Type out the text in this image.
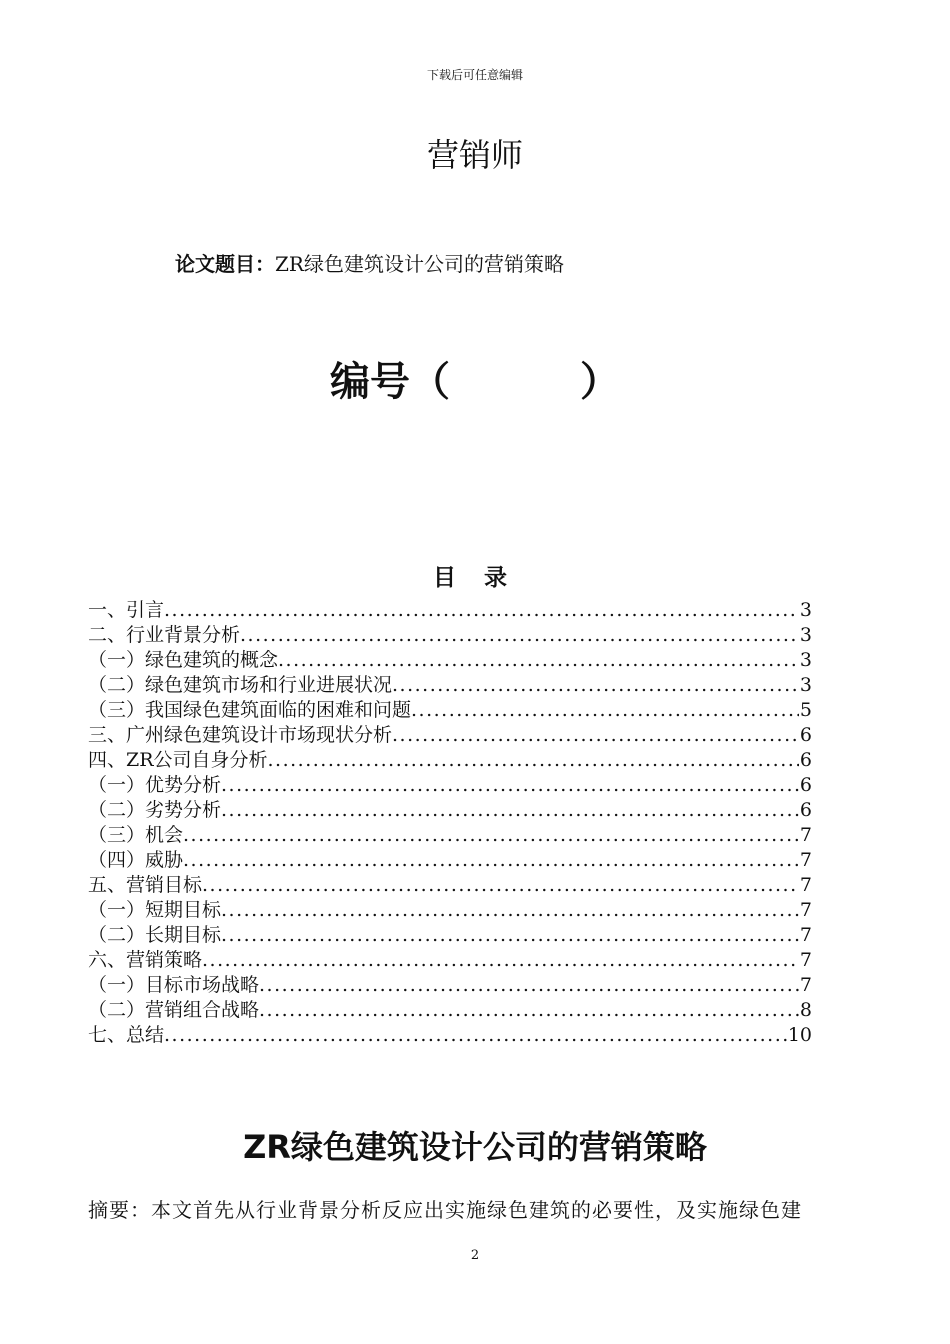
下载后可任意编辑
营销师
论文题目：ZR绿色建筑设计公司的营销策略
编号（	）
目 录
一、引言 .....	3
二、行业背景分析 .....	3
（一）绿色建筑的概念 .....	3
（二）绿色建筑市场和行业进展状况 .....	3
（三）我国绿色建筑面临的困难和问题 .....	5
三、广州绿色建筑设计市场现状分析 .....	6
四、ZR公司自身分析 .....	6
（一）优势分析 .....	6
（二）劣势分析 .....	6
（三）机会 .....	7
（四）威胁 .....	7
五、营销目标 .....	7
（一）短期目标 .....	7
（二）长期目标 .....	7
六、营销策略 .....	7
（一）目标市场战略 .....	7
（二）营销组合战略 .....	8
七、总结 .....	10
ZR绿色建筑设计公司的营销策略
摘要：本文首先从行业背景分析反应出实施绿色建筑的必要性，及实施绿色建
2
